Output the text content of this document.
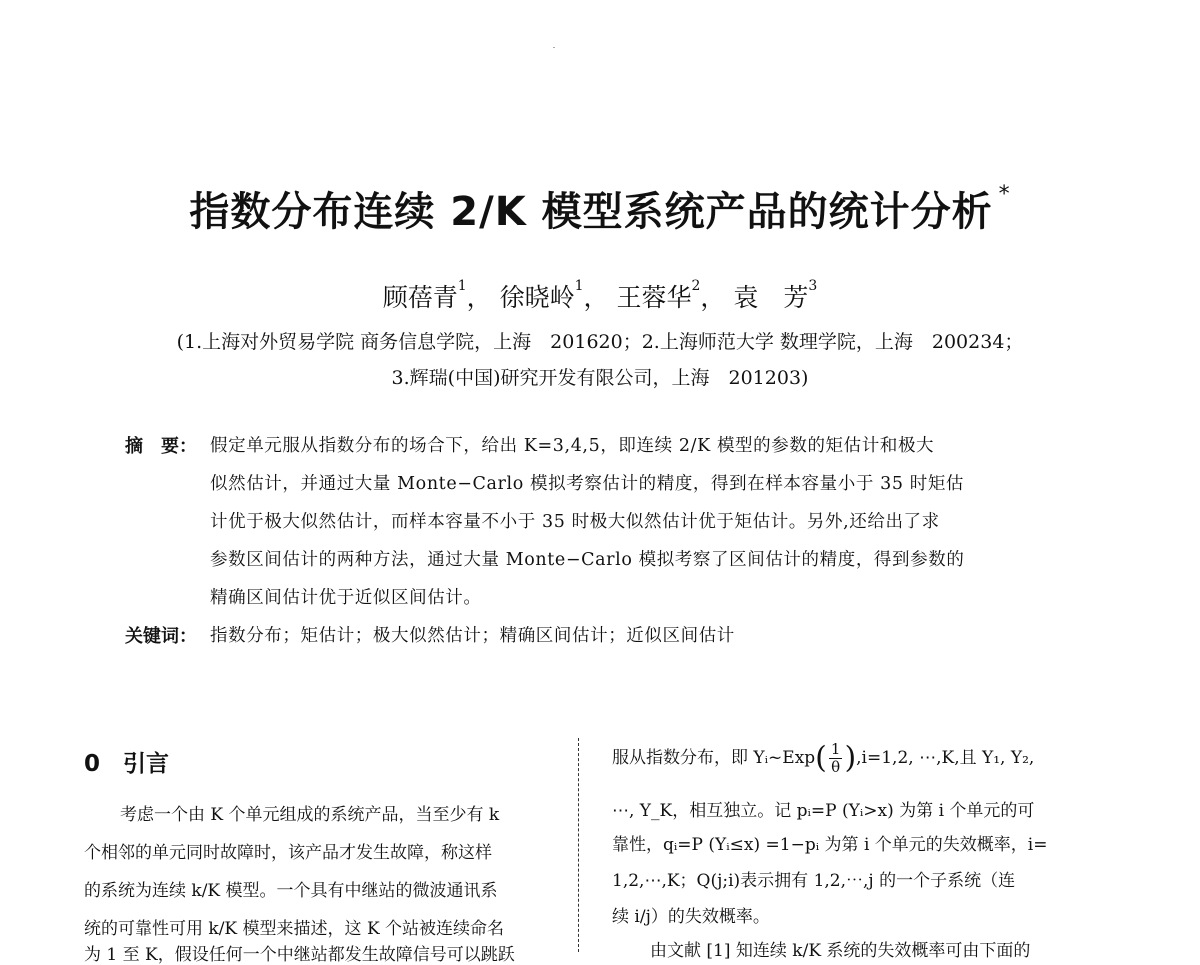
指数分布连续 2/K 模型系统产品的统计分析 *
顾蓓青$^1$， 徐晓岭$^1$， 王蓉华$^2$， 袁　芳$^3$
(1.上海对外贸易学院 商务信息学院，上海　201620；2.上海师范大学 数理学院，上海　200234；
3.辉瑞(中国)研究开发有限公司，上海　201203)
摘　要： 假定单元服从指数分布的场合下，给出 K=3,4,5，即连续 2/K 模型的参数的矩估计和极大
似然估计，并通过大量 Monte−Carlo 模拟考察估计的精度，得到在样本容量小于 35 时矩估
计优于极大似然估计，而样本容量不小于 35 时极大似然估计优于矩估计。另外,还给出了求
参数区间估计的两种方法，通过大量 Monte−Carlo 模拟考察了区间估计的精度，得到参数的
精确区间估计优于近似区间估计。
关键词： 指数分布；矩估计；极大似然估计；精确区间估计；近似区间估计
0　引言
考虑一个由 K 个单元组成的系统产品，当至少有 k
个相邻的单元同时故障时，该产品才发生故障，称这样
的系统为连续 k/K 模型。一个具有中继站的微波通讯系
统的可靠性可用 k/K 模型来描述，这 K 个站被连续命名
为 1 至 K，假设任何一个中继站都发生故障信号可以跳跃
服从指数分布，即 Yᵢ~Exp( $\frac{1}{\theta} ),i=1,2$, ⋯,K,且 Y₁, Y₂,
⋯, Y_K，相互独立。记 pᵢ=P (Yᵢ>x) 为第 i 个单元的可
靠性，qᵢ=P (Yᵢ≤x) =1−pᵢ 为第 i 个单元的失效概率，i=
1,2,⋯,K；Q(j;i)表示拥有 1,2,⋯,j 的一个子系统（连
续 i/j）的失效概率。
由文献 [1] 知连续 k/K 系统的失效概率可由下面的
